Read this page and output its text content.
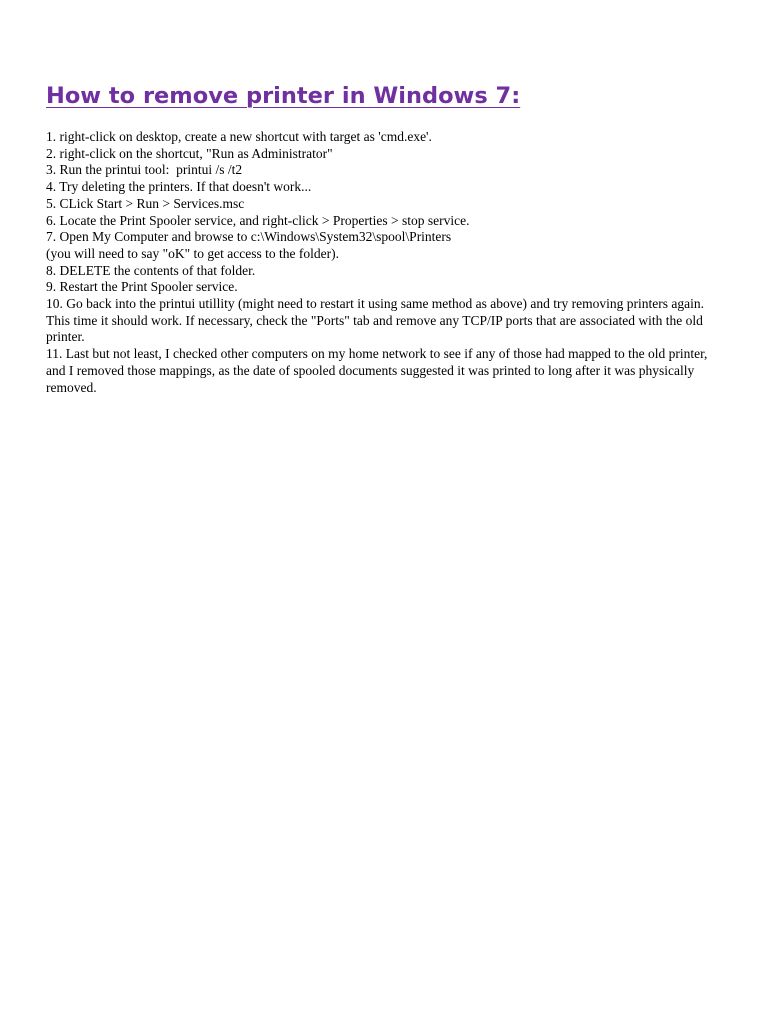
How to remove printer in Windows 7:
1. right-click on desktop, create a new shortcut with target as 'cmd.exe'.
2. right-click on the shortcut, "Run as Administrator"
3. Run the printui tool:  printui /s /t2
4. Try deleting the printers. If that doesn't work...
5. CLick Start > Run > Services.msc
6. Locate the Print Spooler service, and right-click > Properties > stop service.
7. Open My Computer and browse to c:\Windows\System32\spool\Printers
(you will need to say "oK" to get access to the folder).
8. DELETE the contents of that folder.
9. Restart the Print Spooler service.
10. Go back into the printui utillity (might need to restart it using same method as above) and try removing printers again. This time it should work. If necessary, check the "Ports" tab and remove any TCP/IP ports that are associated with the old printer.
11. Last but not least, I checked other computers on my home network to see if any of those had mapped to the old printer, and I removed those mappings, as the date of spooled documents suggested it was printed to long after it was physically removed.
